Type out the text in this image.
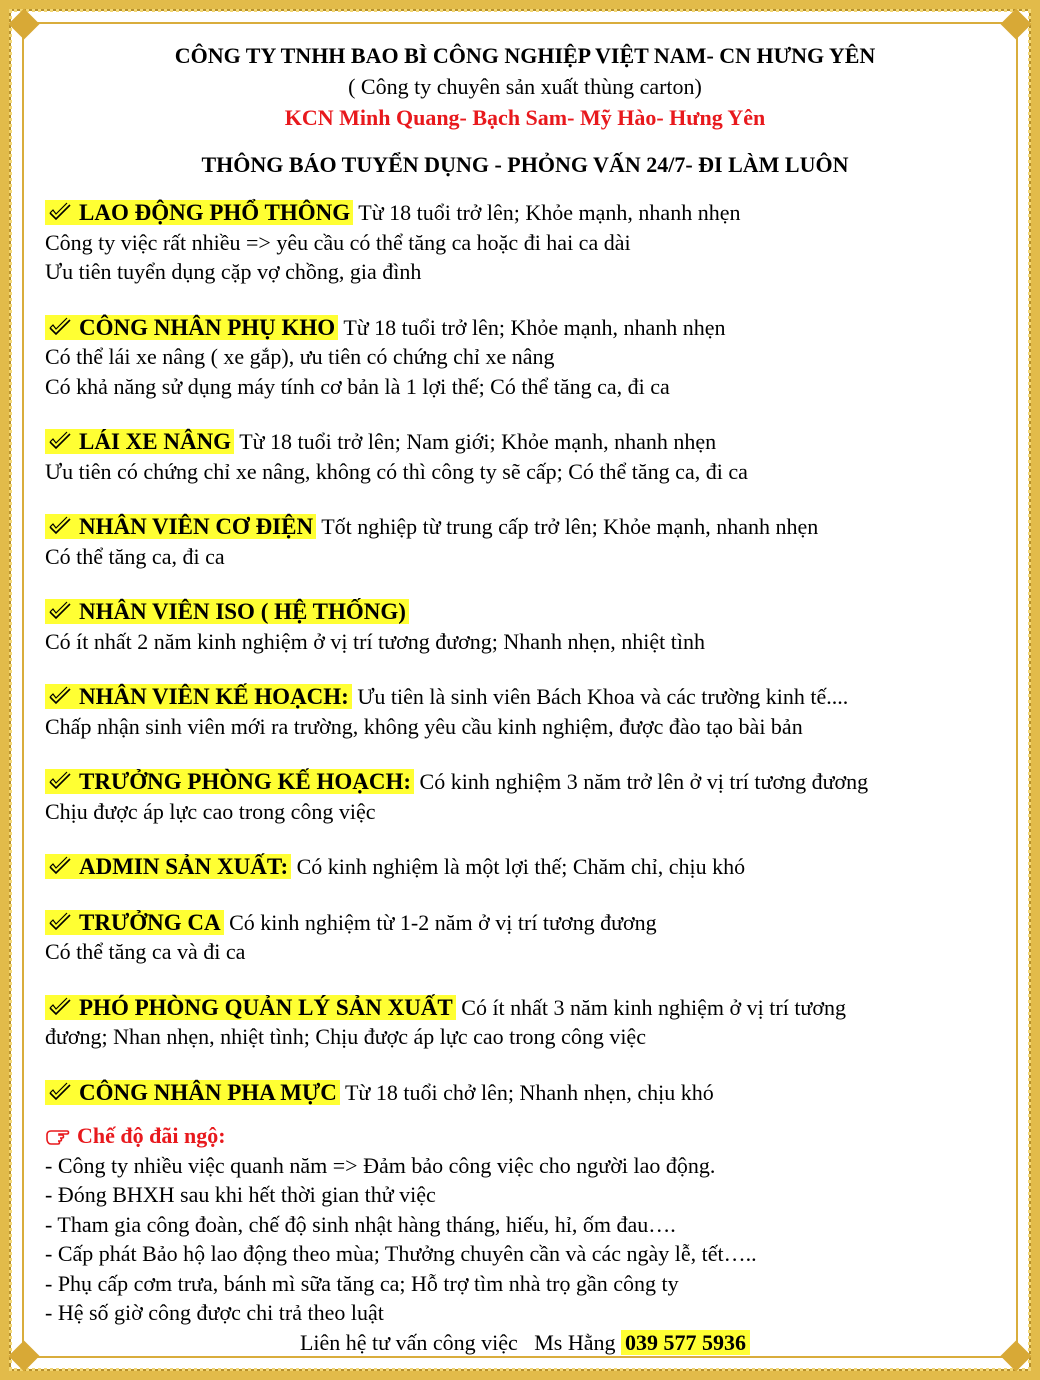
CÔNG TY TNHH BAO BÌ CÔNG NGHIỆP VIỆT NAM- CN HƯNG YÊN

( Công ty chuyên sản xuất thùng carton)

KCN Minh Quang- Bạch Sam- Mỹ Hào- Hưng Yên

THÔNG BÁO TUYỂN DỤNG - PHỎNG VẤN 24/7- ĐI LÀM LUÔN

LAO ĐỘNG PHỔ THÔNG Từ 18 tuổi trở lên; Khỏe mạnh, nhanh nhẹn
Công ty việc rất nhiều => yêu cầu có thể tăng ca hoặc đi hai ca dài
Ưu tiên tuyển dụng cặp vợ chồng, gia đình
CÔNG NHÂN PHỤ KHO Từ 18 tuổi trở lên; Khỏe mạnh, nhanh nhẹn
Có thể lái xe nâng ( xe gắp), ưu tiên có chứng chỉ xe nâng
Có khả năng sử dụng máy tính cơ bản là 1 lợi thế; Có thể tăng ca, đi ca
LÁI XE NÂNG Từ 18 tuổi trở lên; Nam giới; Khỏe mạnh, nhanh nhẹn
Ưu tiên có chứng chỉ xe nâng, không có thì công ty sẽ cấp; Có thể tăng ca, đi ca
NHÂN VIÊN CƠ ĐIỆN Tốt nghiệp từ trung cấp trở lên; Khỏe mạnh, nhanh nhẹn
Có thể tăng ca, đi ca
NHÂN VIÊN ISO ( HỆ THỐNG)
Có ít nhất 2 năm kinh nghiệm ở vị trí tương đương; Nhanh nhẹn, nhiệt tình
NHÂN VIÊN KẾ HOẠCH: Ưu tiên là sinh viên Bách Khoa và các trường kinh tế....
Chấp nhận sinh viên mới ra trường, không yêu cầu kinh nghiệm, được đào tạo bài bản
TRƯỞNG PHÒNG KẾ HOẠCH: Có kinh nghiệm 3 năm trở lên ở vị trí tương đương
Chịu được áp lực cao trong công việc
ADMIN SẢN XUẤT: Có kinh nghiệm là một lợi thế; Chăm chỉ, chịu khó
TRƯỞNG CA Có kinh nghiệm từ 1-2 năm ở vị trí tương đương
Có thể tăng ca và đi ca
PHÓ PHÒNG QUẢN LÝ SẢN XUẤT Có ít nhất 3 năm kinh nghiệm ở vị trí tương
đương; Nhan nhẹn, nhiệt tình; Chịu được áp lực cao trong công việc
CÔNG NHÂN PHA MỰC Từ 18 tuổi chở lên; Nhanh nhẹn, chịu khó
Chế độ đãi ngộ:
- Công ty nhiều việc quanh năm => Đảm bảo công việc cho người lao động.
- Đóng BHXH sau khi hết thời gian thử việc
- Tham gia công đoàn, chế độ sinh nhật hàng tháng, hiếu, hỉ, ốm đau….
- Cấp phát Bảo hộ lao động theo mùa; Thưởng chuyên cần và các ngày lễ, tết…..
- Phụ cấp cơm trưa, bánh mì sữa tăng ca; Hỗ trợ tìm nhà trọ gần công ty
- Hệ số giờ công được chi trả theo luật
Liên hệ tư vấn công việc Ms Hằng 039 577 5936
